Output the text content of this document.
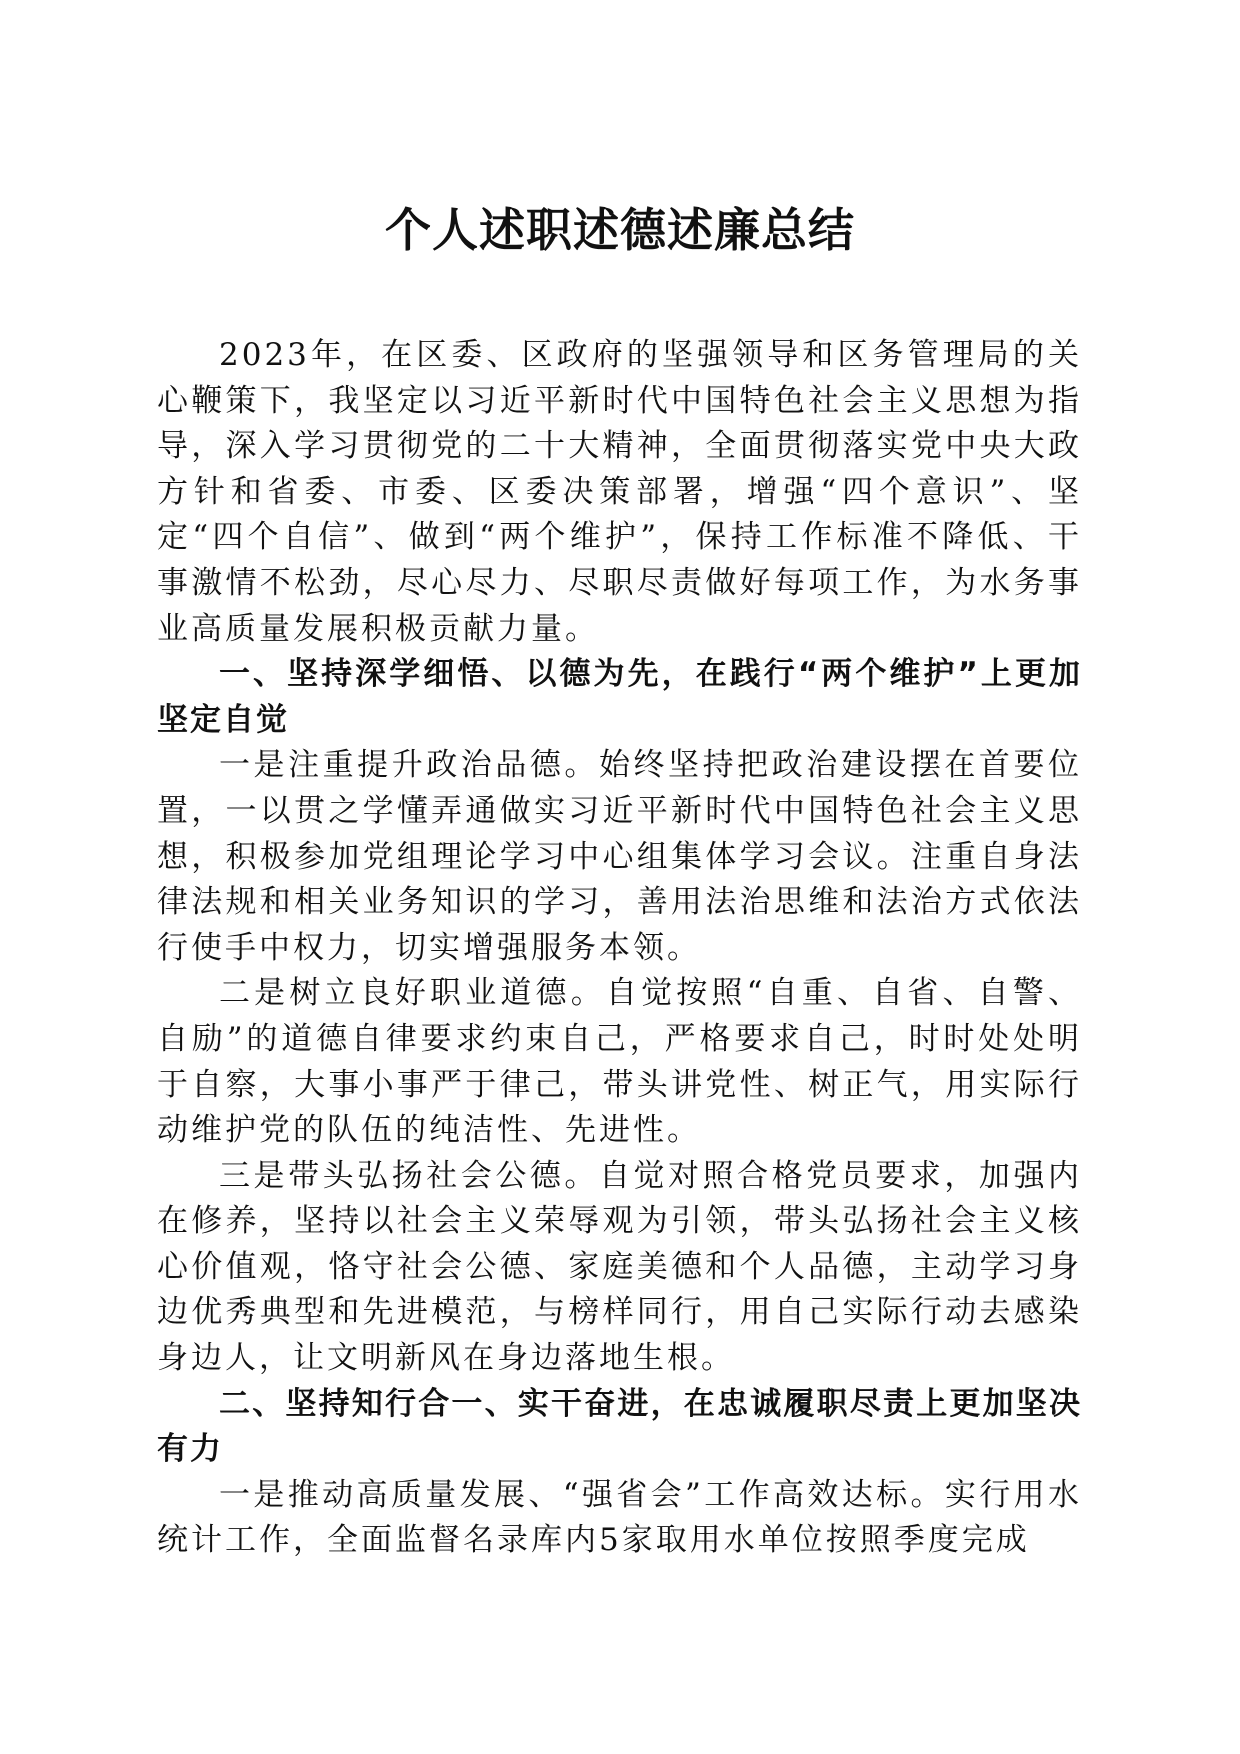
个人述职述德述廉总结

2023年，在区委、区政府的坚强领导和区务管理局的关心鞭策下，我坚定以习近平新时代中国特色社会主义思想为指导，深入学习贯彻党的二十大精神，全面贯彻落实党中央大政方针和省委、市委、区委决策部署，增强“四个意识”、坚定“四个自信”、做到“两个维护”，保持工作标准不降低、干事激情不松劲，尽心尽力、尽职尽责做好每项工作，为水务事业高质量发展积极贡献力量。

一、坚持深学细悟、以德为先，在践行“两个维护”上更加坚定自觉

一是注重提升政治品德。始终坚持把政治建设摆在首要位置，一以贯之学懂弄通做实习近平新时代中国特色社会主义思想，积极参加党组理论学习中心组集体学习会议。注重自身法律法规和相关业务知识的学习，善用法治思维和法治方式依法行使手中权力，切实增强服务本领。

二是树立良好职业道德。自觉按照“自重、自省、自警、自励”的道德自律要求约束自己，严格要求自己，时时处处明于自察，大事小事严于律己，带头讲党性、树正气，用实际行动维护党的队伍的纯洁性、先进性。

三是带头弘扬社会公德。自觉对照合格党员要求，加强内在修养，坚持以社会主义荣辱观为引领，带头弘扬社会主义核心价值观，恪守社会公德、家庭美德和个人品德，主动学习身边优秀典型和先进模范，与榜样同行，用自己实际行动去感染身边人，让文明新风在身边落地生根。

二、坚持知行合一、实干奋进，在忠诚履职尽责上更加坚决有力

一是推动高质量发展、“强省会”工作高效达标。实行用水统计工作，全面监督名录库内5家取用水单位按照季度完成
